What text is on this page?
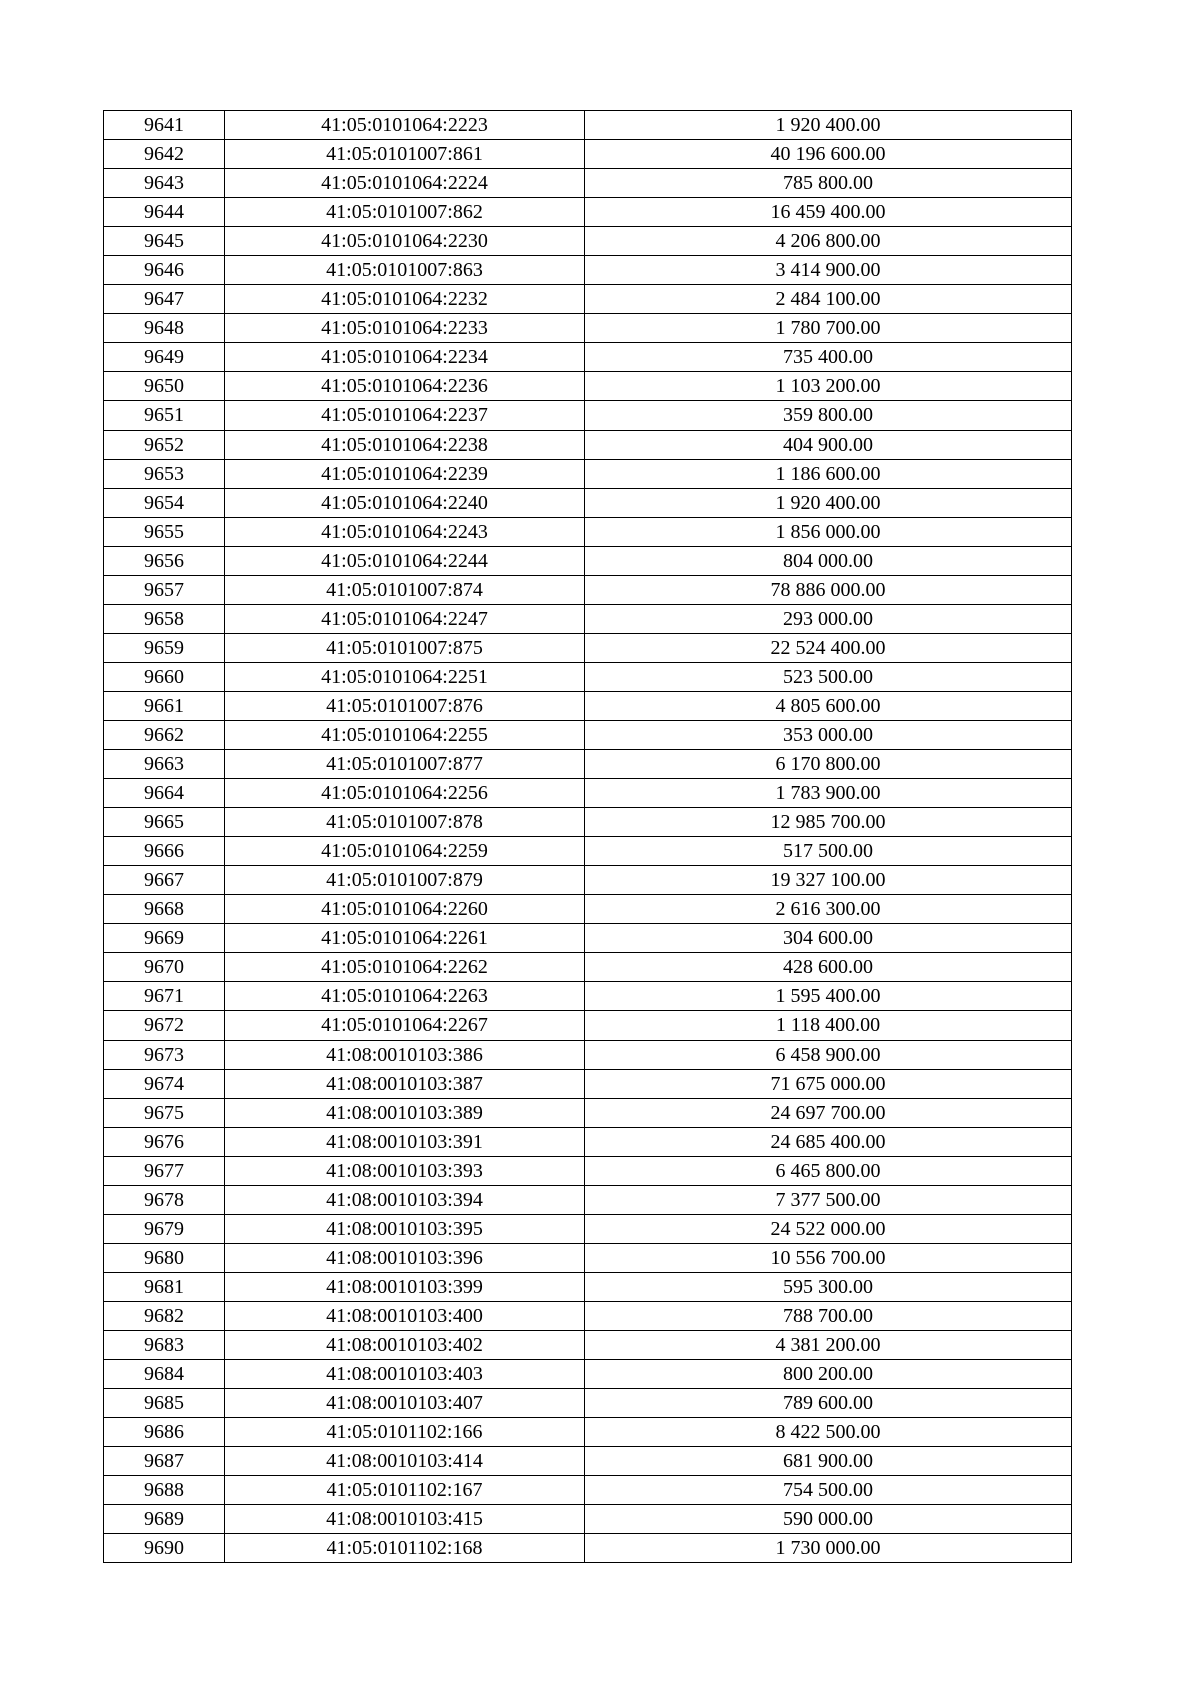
9641	41:05:0101064:2223	1 920 400.00
9642	41:05:0101007:861	40 196 600.00
9643	41:05:0101064:2224	785 800.00
9644	41:05:0101007:862	16 459 400.00
9645	41:05:0101064:2230	4 206 800.00
9646	41:05:0101007:863	3 414 900.00
9647	41:05:0101064:2232	2 484 100.00
9648	41:05:0101064:2233	1 780 700.00
9649	41:05:0101064:2234	735 400.00
9650	41:05:0101064:2236	1 103 200.00
9651	41:05:0101064:2237	359 800.00
9652	41:05:0101064:2238	404 900.00
9653	41:05:0101064:2239	1 186 600.00
9654	41:05:0101064:2240	1 920 400.00
9655	41:05:0101064:2243	1 856 000.00
9656	41:05:0101064:2244	804 000.00
9657	41:05:0101007:874	78 886 000.00
9658	41:05:0101064:2247	293 000.00
9659	41:05:0101007:875	22 524 400.00
9660	41:05:0101064:2251	523 500.00
9661	41:05:0101007:876	4 805 600.00
9662	41:05:0101064:2255	353 000.00
9663	41:05:0101007:877	6 170 800.00
9664	41:05:0101064:2256	1 783 900.00
9665	41:05:0101007:878	12 985 700.00
9666	41:05:0101064:2259	517 500.00
9667	41:05:0101007:879	19 327 100.00
9668	41:05:0101064:2260	2 616 300.00
9669	41:05:0101064:2261	304 600.00
9670	41:05:0101064:2262	428 600.00
9671	41:05:0101064:2263	1 595 400.00
9672	41:05:0101064:2267	1 118 400.00
9673	41:08:0010103:386	6 458 900.00
9674	41:08:0010103:387	71 675 000.00
9675	41:08:0010103:389	24 697 700.00
9676	41:08:0010103:391	24 685 400.00
9677	41:08:0010103:393	6 465 800.00
9678	41:08:0010103:394	7 377 500.00
9679	41:08:0010103:395	24 522 000.00
9680	41:08:0010103:396	10 556 700.00
9681	41:08:0010103:399	595 300.00
9682	41:08:0010103:400	788 700.00
9683	41:08:0010103:402	4 381 200.00
9684	41:08:0010103:403	800 200.00
9685	41:08:0010103:407	789 600.00
9686	41:05:0101102:166	8 422 500.00
9687	41:08:0010103:414	681 900.00
9688	41:05:0101102:167	754 500.00
9689	41:08:0010103:415	590 000.00
9690	41:05:0101102:168	1 730 000.00
